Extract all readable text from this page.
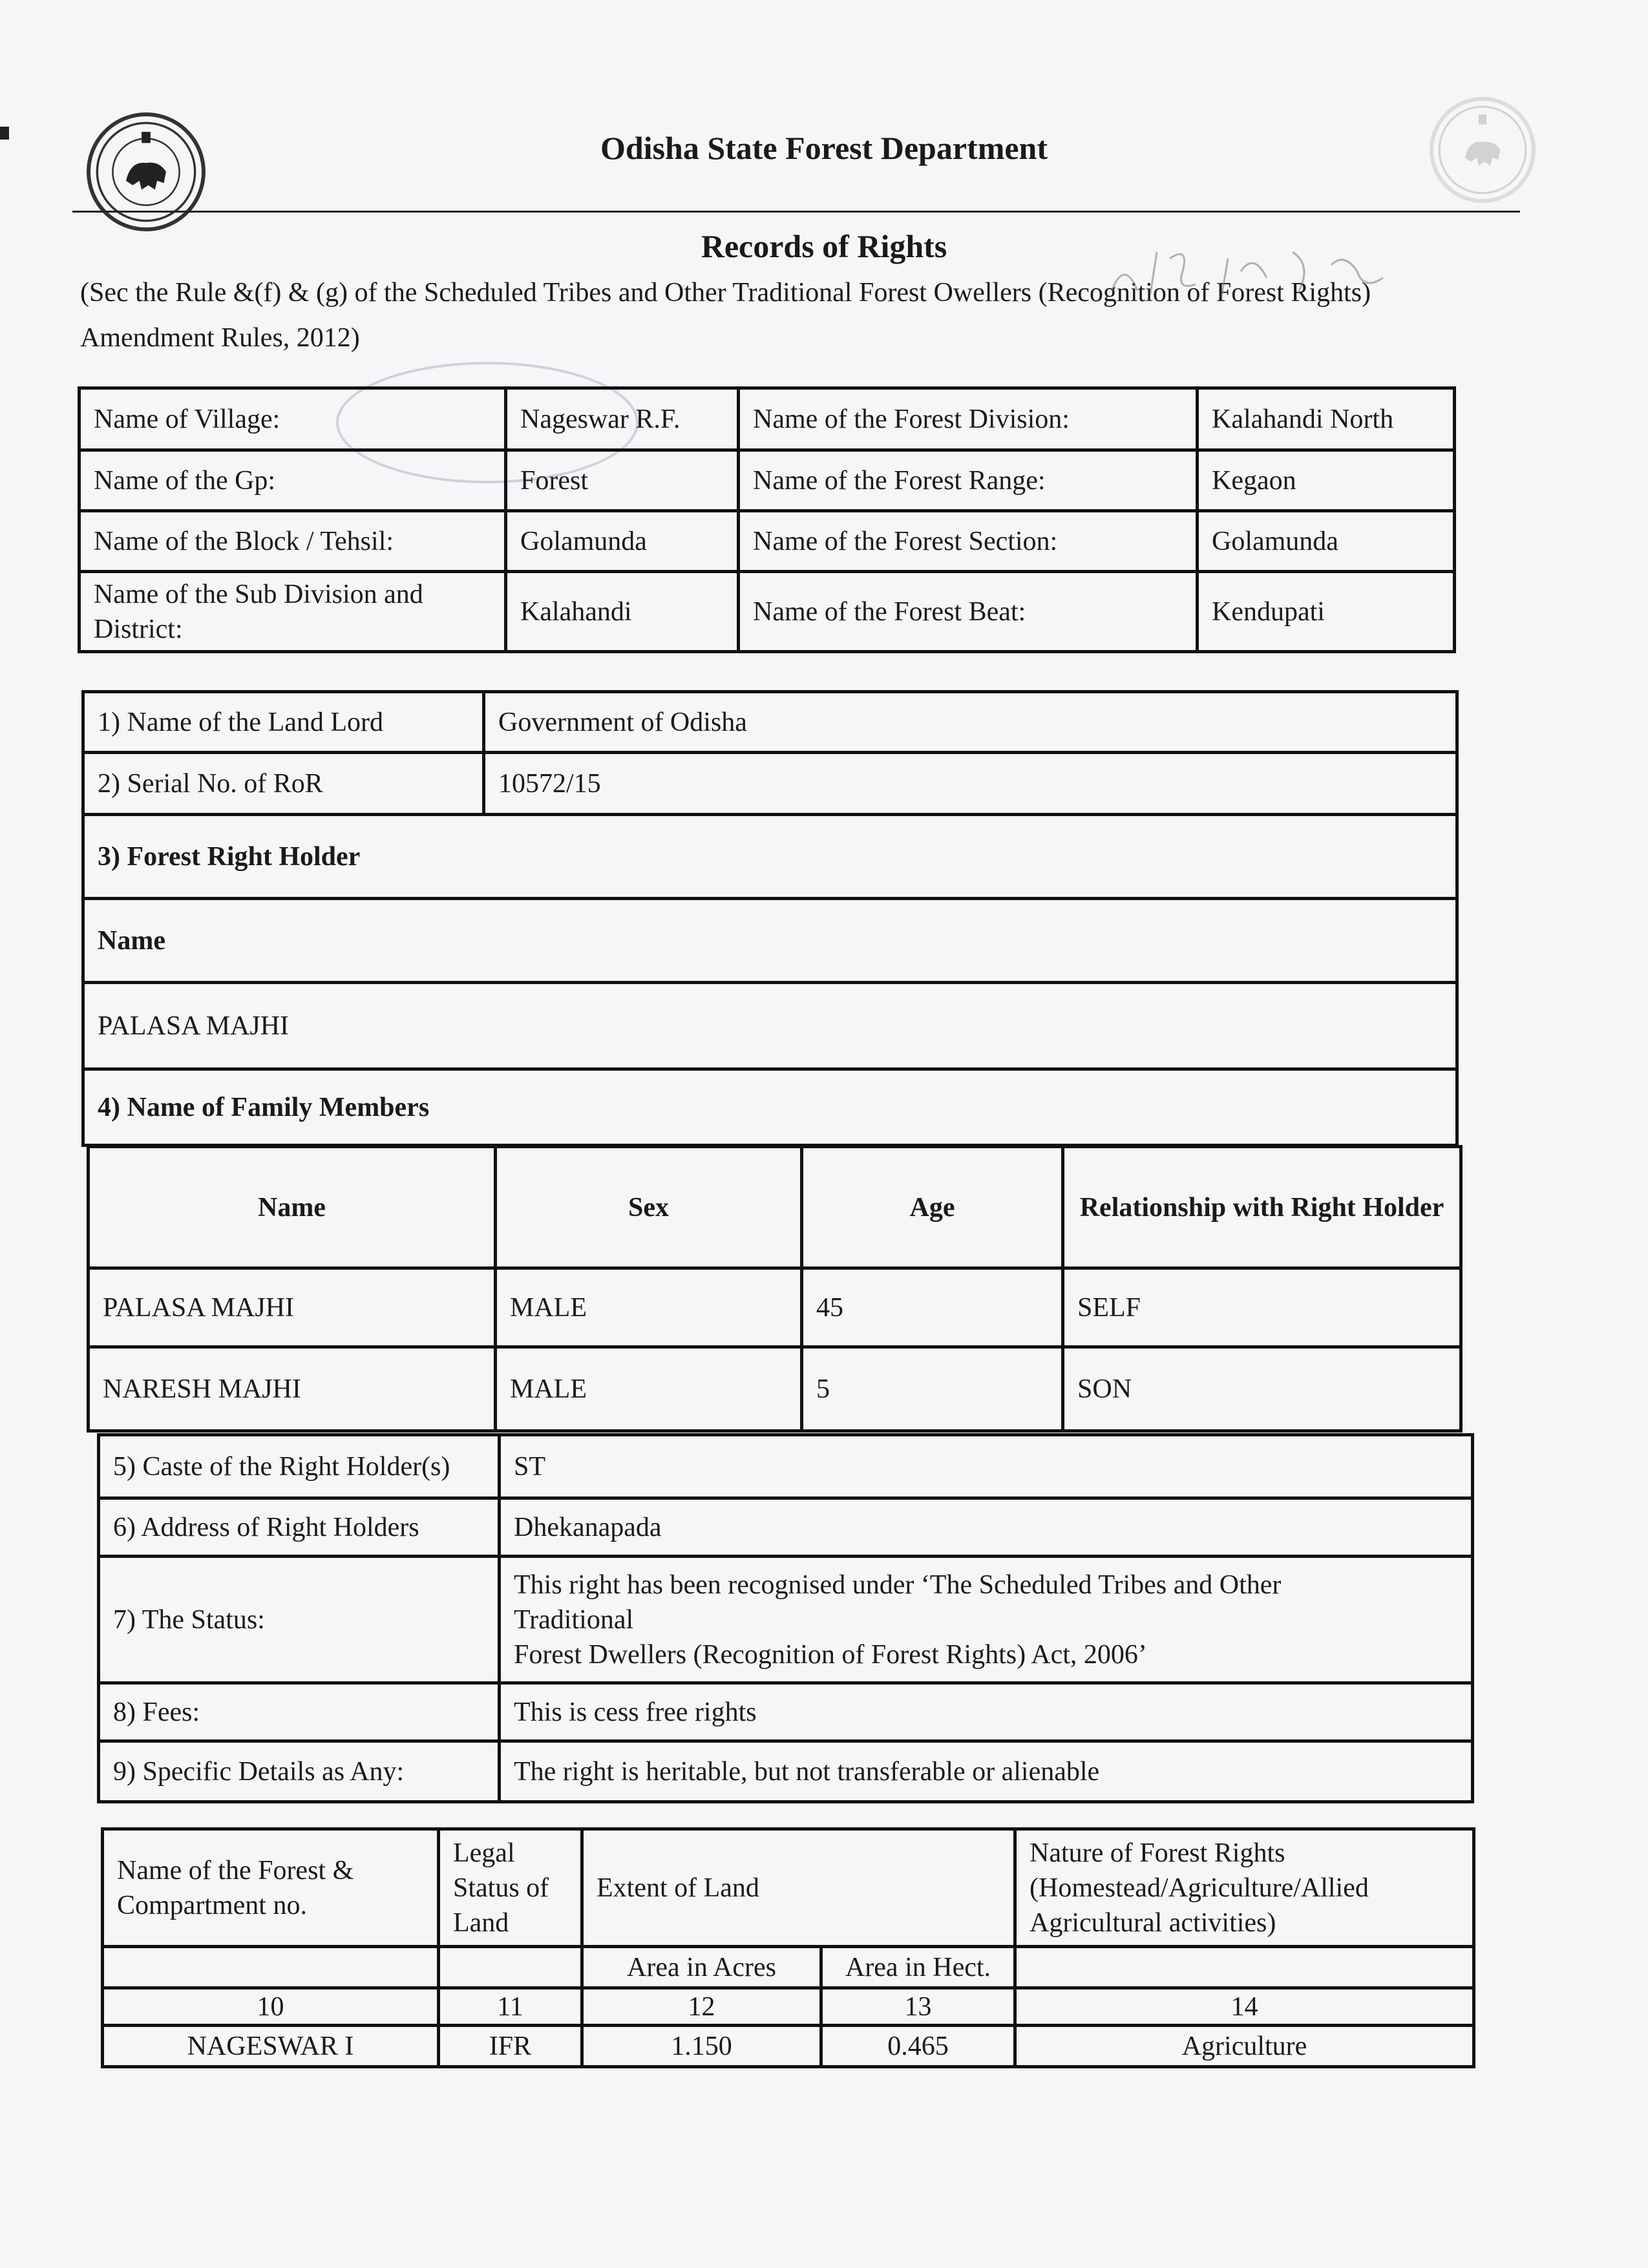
Odisha State Forest Department
Records of Rights
(Sec the Rule &(f) & (g) of the Scheduled Tribes and Other Traditional Forest Owellers (Recognition of Forest Rights) Amendment Rules, 2012)
Name of Village:	Nageswar R.F.	Name of the Forest Division:	Kalahandi North
Name of the Gp:	Forest	Name of the Forest Range:	Kegaon
Name of the Block / Tehsil:	Golamunda	Name of the Forest Section:	Golamunda
Name of the Sub Division and District:	Kalahandi	Name of the Forest Beat:	Kendupati
1) Name of the Land Lord	Government of Odisha
2) Serial No. of RoR	10572/15
3) Forest Right Holder	
Name	
PALASA MAJHI	
4) Name of Family Members	
Name	Sex	Age	Relationship with Right Holder
PALASA MAJHI	MALE	45	SELF
NARESH MAJHI	MALE	5	SON
5) Caste of the Right Holder(s)	ST
6) Address of Right Holders	Dhekanapada
7) The Status:	This right has been recognised under ‘The Scheduled Tribes and Other
Traditional
Forest Dwellers (Recognition of Forest Rights) Act, 2006’

8) Fees:	This is cess free rights
9) Specific Details as Any:	The right is heritable, but not transferable or alienable
Name of the Forest & Compartment no.	Legal Status of Land	Extent of Land		Nature of Forest Rights (Homestead/Agriculture/Allied Agricultural activities)
		Area in Acres	Area in Hect.	
10	11	12	13	14
NAGESWAR I	IFR	1.150	0.465	Agriculture
